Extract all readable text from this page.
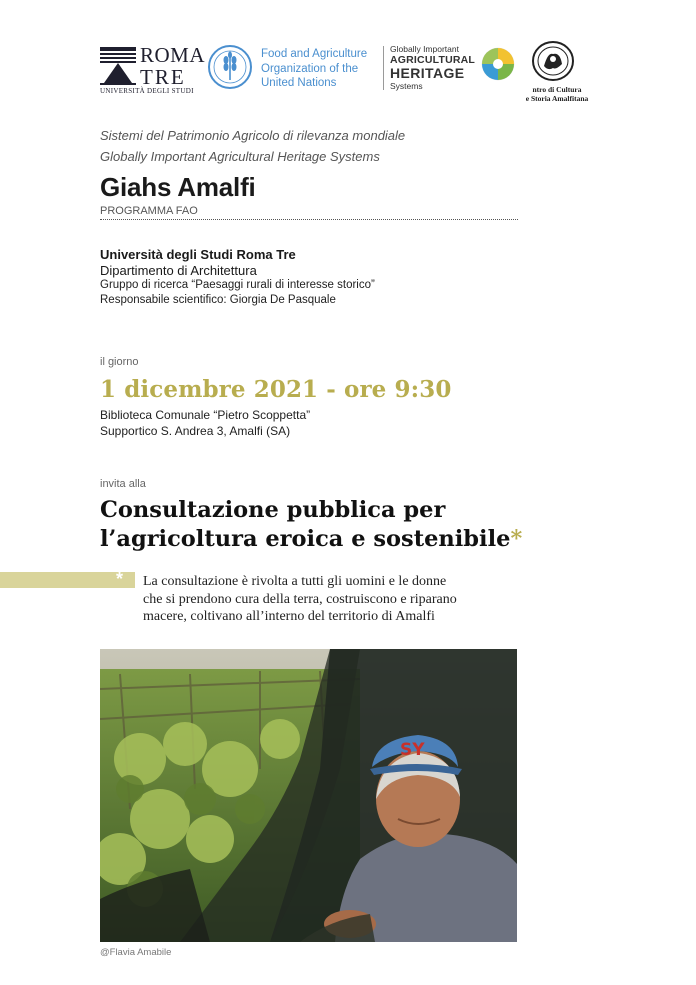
ROMA
TRE
UNIVERSITÀ DEGLI STUDI
Food and Agriculture
Organization of the
United Nations
Globally Important
AGRICULTURAL
HERITAGE
Systems	ntro di Cultura
e Storia Amalfitana
Sistemi del Patrimonio Agricolo di rilevanza mondiale
Globally Important Agricultural Heritage Systems
Giahs Amalfi
PROGRAMMA FAO
Università degli Studi Roma Tre
Dipartimento di Architettura
Gruppo di ricerca “Paesaggi rurali di interesse storico”
Responsabile scientifico: Giorgia De Pasquale
il giorno
1 dicembre 2021 - ore 9:30
Biblioteca Comunale “Pietro Scoppetta”
Supportico S. Andrea 3, Amalfi (SA)
invita alla
Consultazione pubblica per
l’agricoltura eroica e sostenibile*
* La consultazione è rivolta a tutti gli uomini e le donne
che si prendono cura della terra, costruiscono e riparano
macere, coltivano all’interno del territorio di Amalfi
SY
@Flavia Amabile
